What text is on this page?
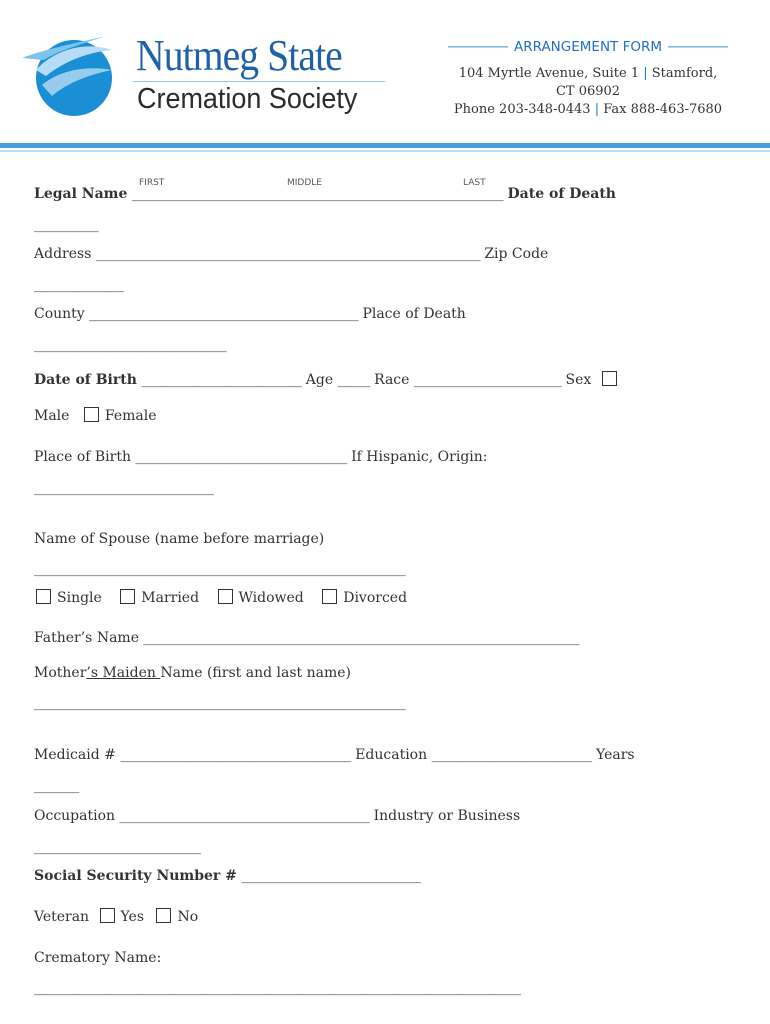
Nutmeg State
Cremation Society
ARRANGEMENT FORM
104 Myrtle Avenue, Suite 1 | Stamford,
CT 06902
Phone 203-348-0443 | Fax 888-463-7680
FIRST	MIDDLE	LAST
Legal Name __________________________________________________________ Date of Death
__________
Address ____________________________________________________________ Zip Code
______________
County __________________________________________ Place of Death
______________________________
Date of Birth _________________________ Age _____ Race _______________________ Sex
Male	Female
Place of Birth _________________________________ If Hispanic, Origin:
____________________________
Name of Spouse (name before marriage)
__________________________________________________________
Single	Married	Widowed	Divorced
Father’s Name ____________________________________________________________________
Mother’s Maiden Name (first and last name)
__________________________________________________________
Medicaid # ____________________________________ Education _________________________ Years
_______
Occupation _______________________________________ Industry or Business
__________________________
Social Security Number # ____________________________
Veteran Yes No
Crematory Name:
____________________________________________________________________________
